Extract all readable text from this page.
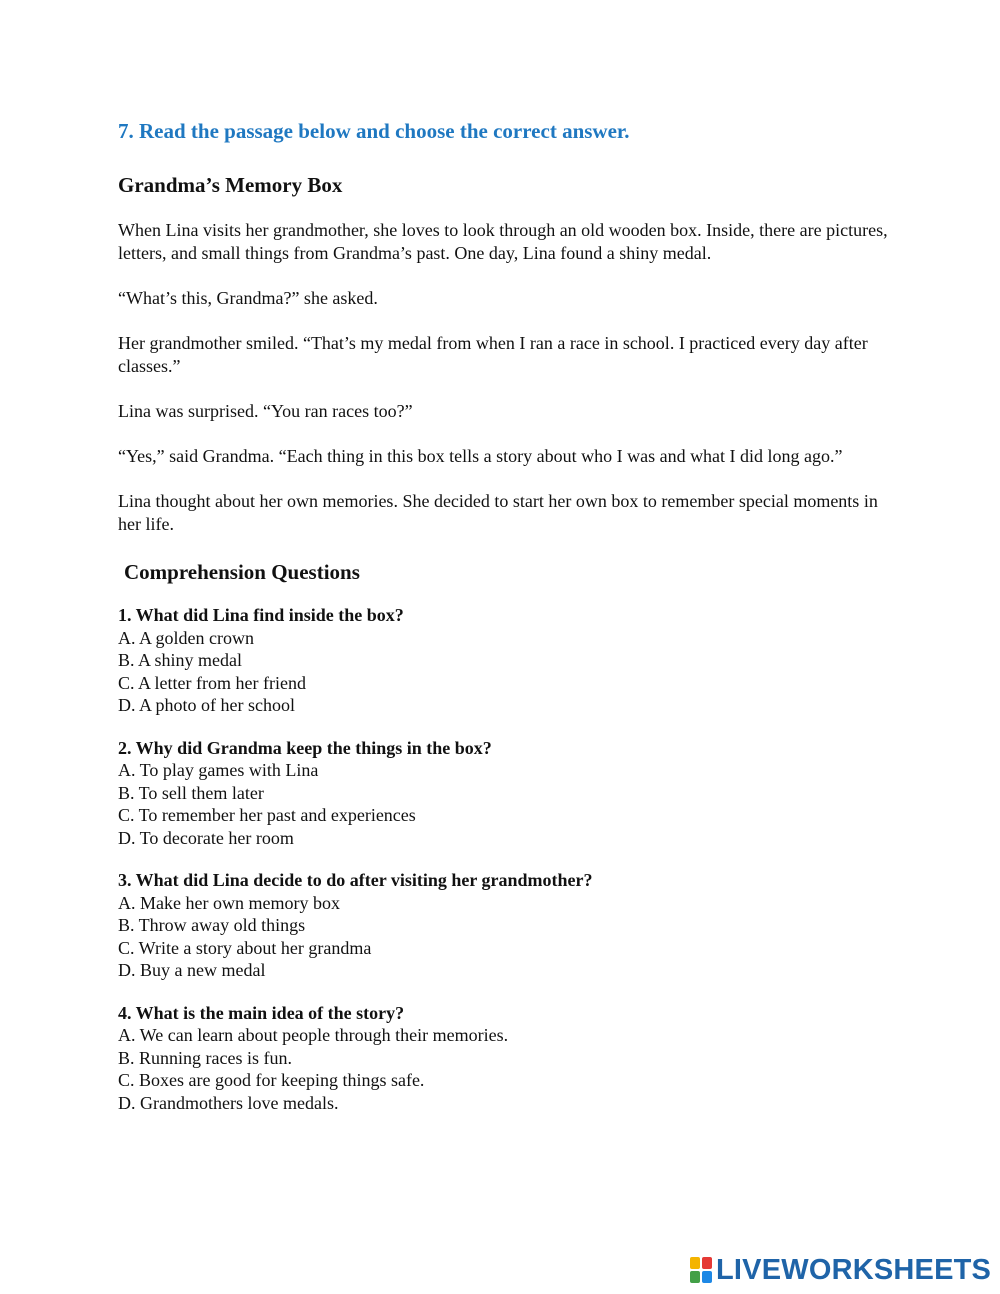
7. Read the passage below and choose the correct answer.
Grandma’s Memory Box

When Lina visits her grandmother, she loves to look through an old wooden box. Inside, there are pictures, letters, and small things from Grandma’s past. One day, Lina found a shiny medal.

“What’s this, Grandma?” she asked.

Her grandmother smiled. “That’s my medal from when I ran a race in school. I practiced every day after classes.”

Lina was surprised. “You ran races too?”

“Yes,” said Grandma. “Each thing in this box tells a story about who I was and what I did long ago.”

Lina thought about her own memories. She decided to start her own box to remember special moments in her life.

Comprehension Questions
1. What did Lina find inside the box?
A. A golden crown
B. A shiny medal
C. A letter from her friend
D. A photo of her school
2. Why did Grandma keep the things in the box?
A. To play games with Lina
B. To sell them later
C. To remember her past and experiences
D. To decorate her room
3. What did Lina decide to do after visiting her grandmother?
A. Make her own memory box
B. Throw away old things
C. Write a story about her grandma
D. Buy a new medal
4. What is the main idea of the story?
A. We can learn about people through their memories.
B. Running races is fun.
C. Boxes are good for keeping things safe.
D. Grandmothers love medals.
LIVEWORKSHEETS
